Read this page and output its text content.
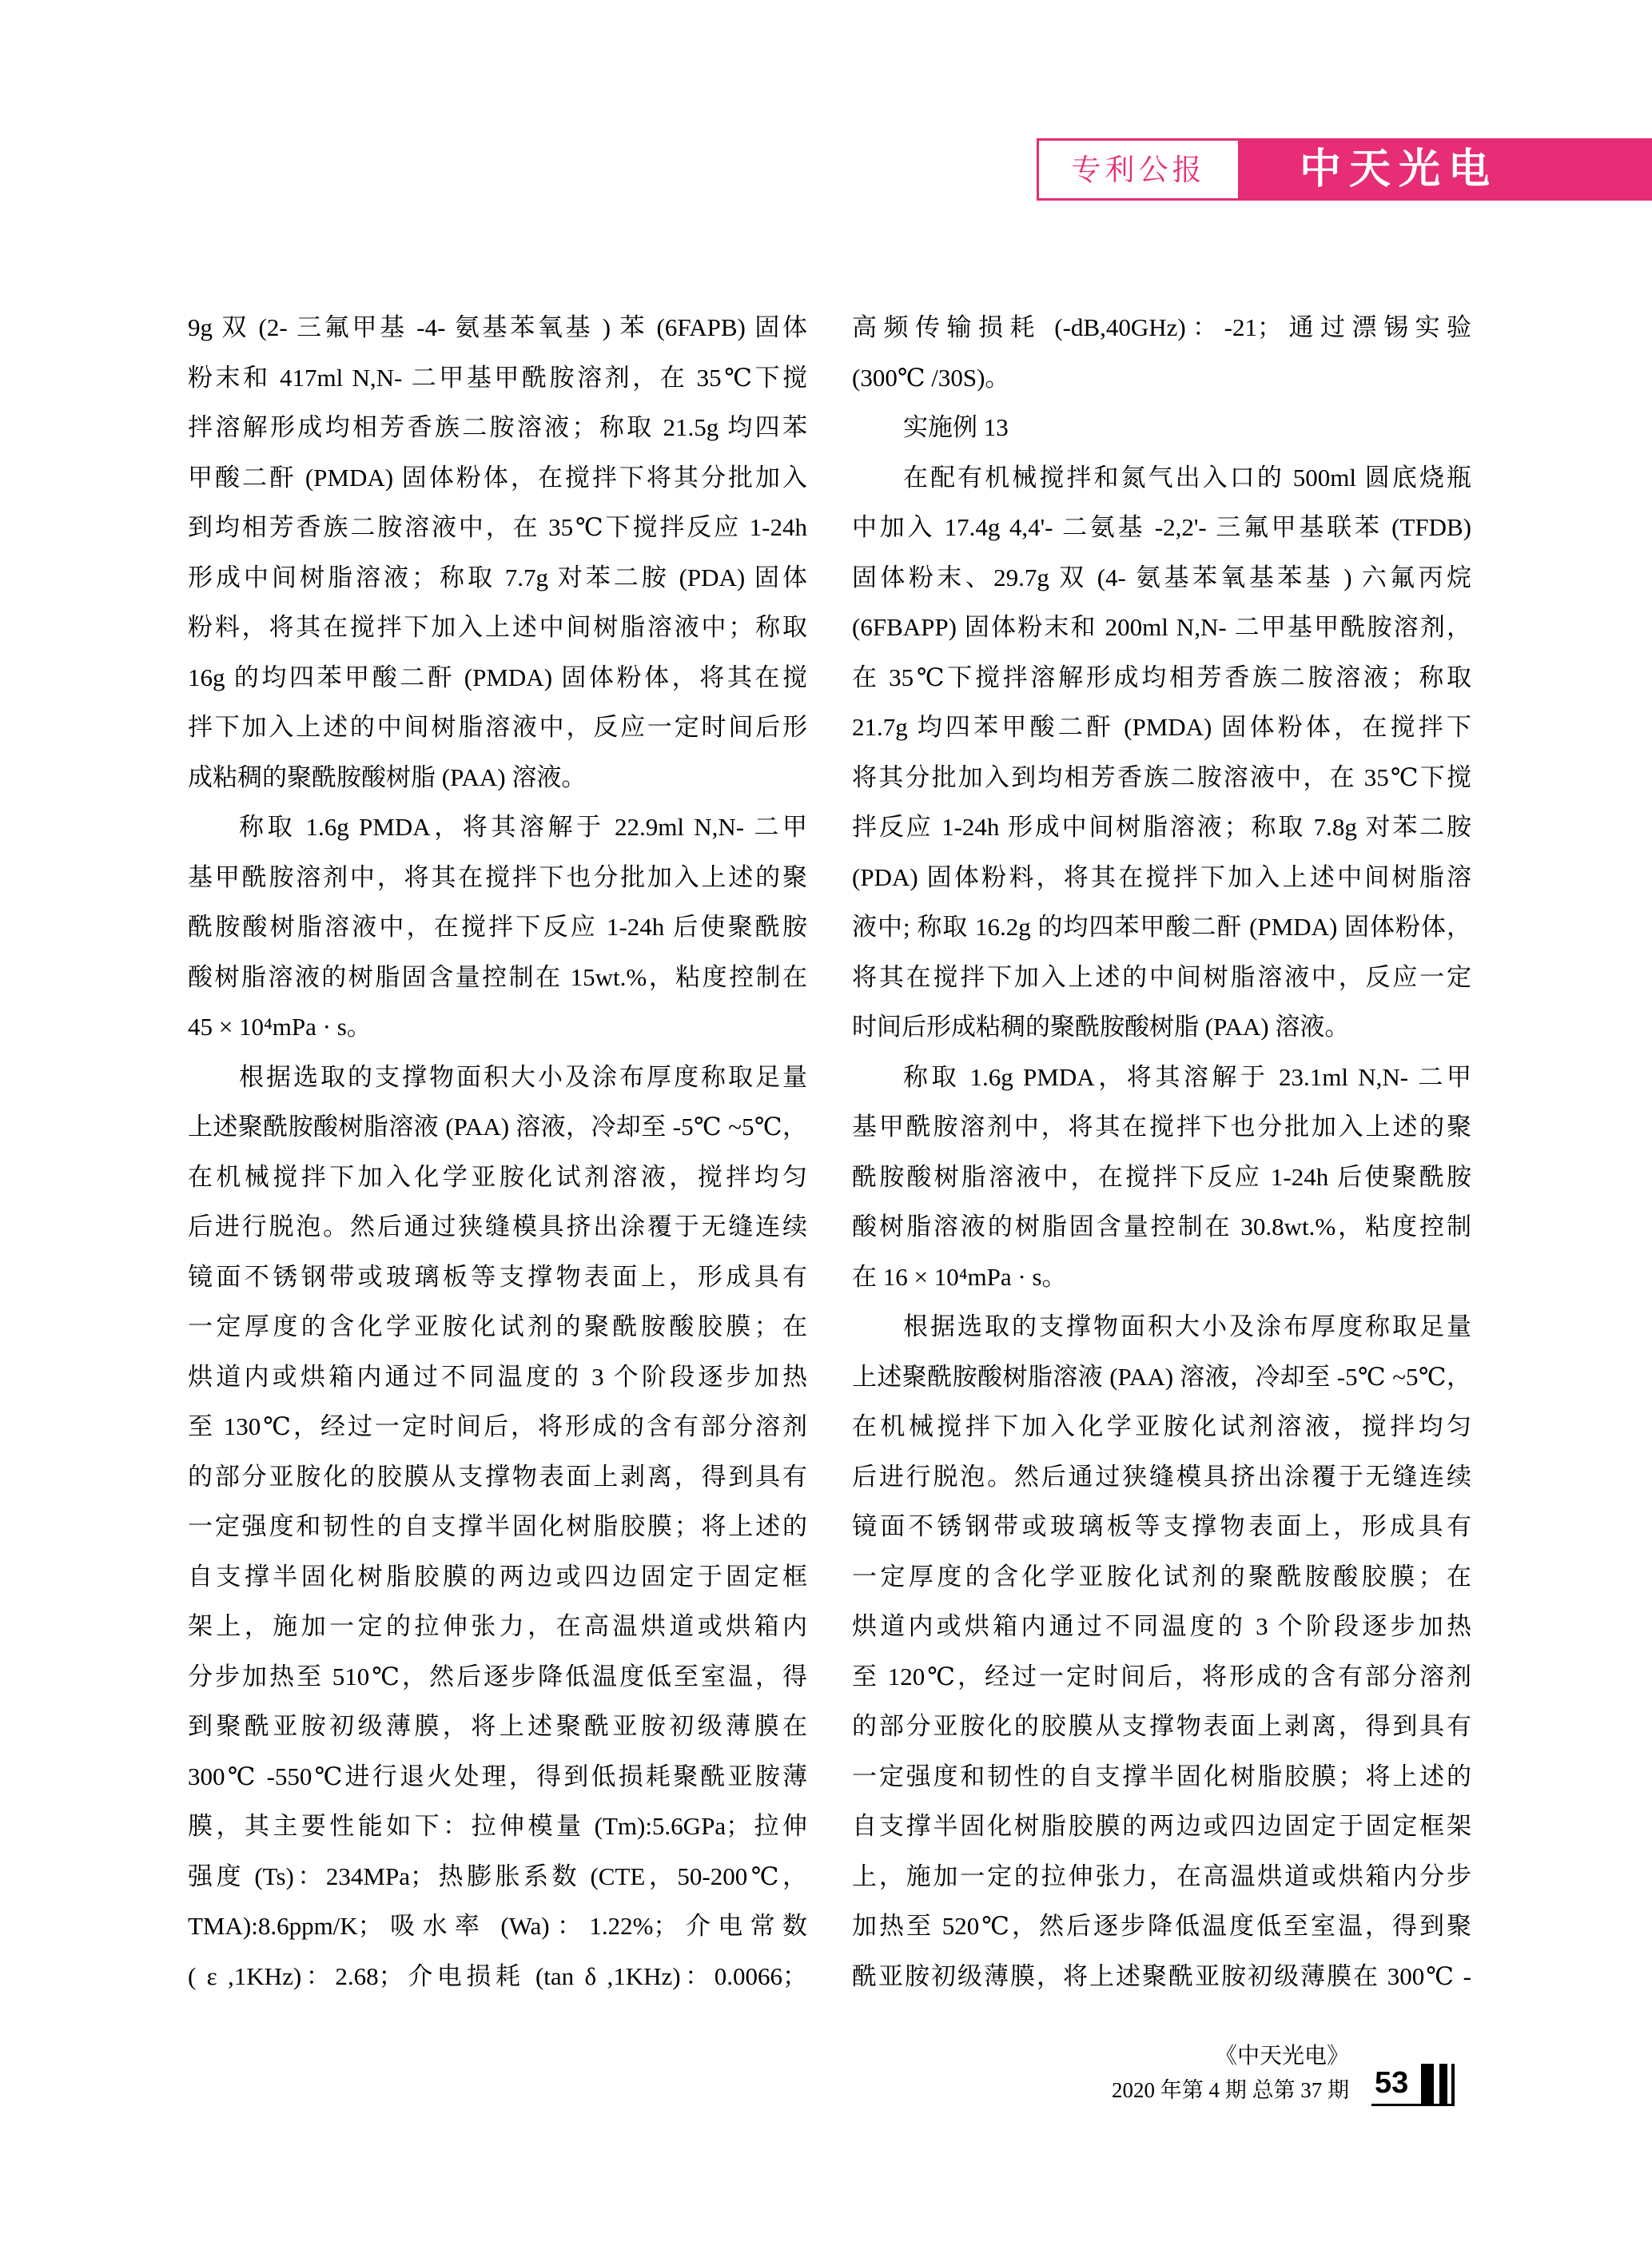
中天光电
专利公报
9g 双 (2- 三氟甲基 -4- 氨基苯氧基 ) 苯 (6FAPB) 固体
粉末和 417ml N,N- 二甲基甲酰胺溶剂，在 35℃下搅
拌溶解形成均相芳香族二胺溶液；称取 21.5g 均四苯
甲酸二酐 (PMDA) 固体粉体，在搅拌下将其分批加入
到均相芳香族二胺溶液中，在 35℃下搅拌反应 1-24h
形成中间树脂溶液；称取 7.7g 对苯二胺 (PDA) 固体
粉料，将其在搅拌下加入上述中间树脂溶液中；称取
16g 的均四苯甲酸二酐 (PMDA) 固体粉体，将其在搅
拌下加入上述的中间树脂溶液中，反应一定时间后形
成粘稠的聚酰胺酸树脂 (PAA) 溶液。
称取 1.6g PMDA，将其溶解于 22.9ml N,N- 二甲
基甲酰胺溶剂中，将其在搅拌下也分批加入上述的聚
酰胺酸树脂溶液中，在搅拌下反应 1-24h 后使聚酰胺
酸树脂溶液的树脂固含量控制在 15wt.%，粘度控制在
45 × 10⁴mPa · s。
根据选取的支撑物面积大小及涂布厚度称取足量
上述聚酰胺酸树脂溶液 (PAA) 溶液，冷却至 -5℃ ~5℃，
在机械搅拌下加入化学亚胺化试剂溶液，搅拌均匀
后进行脱泡。然后通过狭缝模具挤出涂覆于无缝连续
镜面不锈钢带或玻璃板等支撑物表面上，形成具有
一定厚度的含化学亚胺化试剂的聚酰胺酸胶膜；在
烘道内或烘箱内通过不同温度的 3 个阶段逐步加热
至 130℃，经过一定时间后，将形成的含有部分溶剂
的部分亚胺化的胶膜从支撑物表面上剥离，得到具有
一定强度和韧性的自支撑半固化树脂胶膜；将上述的
自支撑半固化树脂胶膜的两边或四边固定于固定框
架上，施加一定的拉伸张力，在高温烘道或烘箱内
分步加热至 510℃，然后逐步降低温度低至室温，得
到聚酰亚胺初级薄膜，将上述聚酰亚胺初级薄膜在
300℃ -550℃进行退火处理，得到低损耗聚酰亚胺薄
膜，其主要性能如下：拉伸模量 (Tm):5.6GPa；拉伸
强度 (Ts)：234MPa；热膨胀系数 (CTE，50-200℃，
TMA):8.6ppm/K；吸水率 (Wa)：1.22%；介电常数
( ε ,1KHz)：2.68；介电损耗 (tan δ ,1KHz)：0.0066；
高频传输损耗 (-dB,40GHz)：-21；通过漂锡实验
(300℃ /30S)。
实施例 13
在配有机械搅拌和氮气出入口的 500ml 圆底烧瓶
中加入 17.4g 4,4'- 二氨基 -2,2'- 三氟甲基联苯 (TFDB)
固体粉末、29.7g 双 (4- 氨基苯氧基苯基 ) 六氟丙烷
(6FBAPP) 固体粉末和 200ml N,N- 二甲基甲酰胺溶剂，
在 35℃下搅拌溶解形成均相芳香族二胺溶液；称取
21.7g 均四苯甲酸二酐 (PMDA) 固体粉体，在搅拌下
将其分批加入到均相芳香族二胺溶液中，在 35℃下搅
拌反应 1-24h 形成中间树脂溶液；称取 7.8g 对苯二胺
(PDA) 固体粉料，将其在搅拌下加入上述中间树脂溶
液中; 称取 16.2g 的均四苯甲酸二酐 (PMDA) 固体粉体，
将其在搅拌下加入上述的中间树脂溶液中，反应一定
时间后形成粘稠的聚酰胺酸树脂 (PAA) 溶液。
称取 1.6g PMDA，将其溶解于 23.1ml N,N- 二甲
基甲酰胺溶剂中，将其在搅拌下也分批加入上述的聚
酰胺酸树脂溶液中，在搅拌下反应 1-24h 后使聚酰胺
酸树脂溶液的树脂固含量控制在 30.8wt.%，粘度控制
在 16 × 10⁴mPa · s。
根据选取的支撑物面积大小及涂布厚度称取足量
上述聚酰胺酸树脂溶液 (PAA) 溶液，冷却至 -5℃ ~5℃，
在机械搅拌下加入化学亚胺化试剂溶液，搅拌均匀
后进行脱泡。然后通过狭缝模具挤出涂覆于无缝连续
镜面不锈钢带或玻璃板等支撑物表面上，形成具有
一定厚度的含化学亚胺化试剂的聚酰胺酸胶膜；在
烘道内或烘箱内通过不同温度的 3 个阶段逐步加热
至 120℃，经过一定时间后，将形成的含有部分溶剂
的部分亚胺化的胶膜从支撑物表面上剥离，得到具有
一定强度和韧性的自支撑半固化树脂胶膜；将上述的
自支撑半固化树脂胶膜的两边或四边固定于固定框架
上，施加一定的拉伸张力，在高温烘道或烘箱内分步
加热至 520℃，然后逐步降低温度低至室温，得到聚
酰亚胺初级薄膜，将上述聚酰亚胺初级薄膜在 300℃ -
《中天光电》
2020 年第 4 期 总第 37 期 53
